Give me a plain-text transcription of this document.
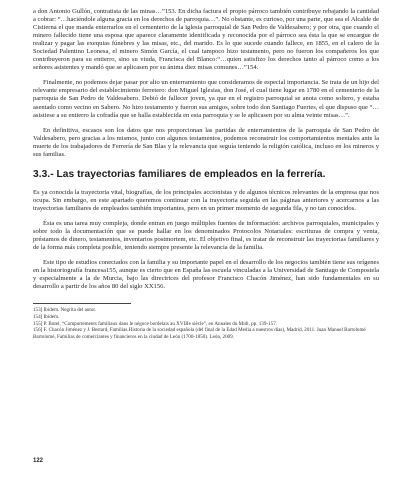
a don Antonio Gullón, contratista de las minas…”153. En dicha factura el propio párroco también contribuye rebajando la cantidad a cobrar: “…haciéndole alguna gracia en los derechos de parroquia…”. No obstante, es curioso, por una parte, que sea el Alcalde de Cistierna el que manda enterrarlos en el cementerio de la iglesia parroquial de San Pedro de Valdesabero; y por otra, que cuando el minero fallecido tiene una esposa que aparece claramente identificada y reconocida por el párroco sea ésta la que se encargue de realizar y pagar las exequias fúnebres y las misas, etc., del marido. Es lo que sucede cuando fallece, en 1855, en el calero de la Sociedad Palentino Leonesa, el minero Simón García, el cual tampoco hizo testamento, pero no fueron los compañeros los que contribuyeron para su entierro, sino su viuda, Francisca del Blanco:“…quien satisfizo los derechos tanto al párroco como a los señores asistentes y mandó que se aplicasen por su ánima diez misas comunes…”154.

Finalmente, no podemos dejar pasar por alto un enterramiento que consideramos de especial importancia. Se trata de un hijo del relevante empresario del establecimiento ferretero: don Miguel Iglesias, don José, el cual tiene lugar en 1780 en el cementerio de la parroquia de San Pedro de Valdesabero. Debió de fallecer joven, ya que en el registro parroquial se anota como soltero, y estaba asentado como vecino en Sabero. No hizo testamento y fueron sus amigos, sobre todo don Santiago Fuertes, el que dispuso que “…asistiese a su entierro la cofradía que se halla establecida en esta parroquia y se le aplicasen por su alma veinte misas…”.

En definitiva, escasos son los datos que nos proporcionan las partidas de enterramientos de la parroquia de San Pedro de Valdesabero, pero gracias a los mismos, junto con algunos testamentos, podemos reconstruir los comportamientos mentales ante la muerte de los trabajadores de Ferrería de San Blas y la relevancia que seguía teniendo la religión católica, incluso en los mineros y sus familias.

3.3.- Las trayectorias familiares de empleados en la ferrería.

Es ya conocida la trayectoria vital, biografías, de los principales accionistas y de algunos técnicos relevantes de la empresa que nos ocupa. Sin embargo, en este apartado queremos continuar con la trayectoria seguida en las páginas anteriores y acercarnos a las trayectorias familiares de empleados también importantes, pero en un primer momento de segunda fila, y no tan conocidos.

Ésta es una tarea muy compleja, donde entran en juego múltiples fuentes de información: archivos parroquiales, municipales y sobre todo la documentación que se puede hallar en los denominados Protocolos Notariales: escrituras de compra y venta, préstamos de dinero, testamentos, inventarios postmortem, etc. El objetivo final, es tratar de reconstruir las trayectorias familiares y de la forma más completa posible, teniendo siempre presente la relevancia de la familia.

Este tipo de estudios conectados con la familia y su importante papel en el desarrollo de los negocios también tiene sus orígenes en la historiografía francesa155, aunque es cierto que en España las escuela vinculadas a la Universidad de Santiago de Compostela y especialmente a la de Murcia, bajo las directrices del profesor Francisco Chacón Jiménez, han sido fundamentales en su desarrollo a partir de los años 80 del siglo XX156.

153] Ibídem. Negrita del autor.

154] Ibídem.

155] P. Butel, “Comportements familiaux dans le négoce bordelais au XVIIIe siècle”, en Annales du Midi, pp. 139-157.

156] F. Chacón Jiménez y J. Bestard, Familias.Historia de la sociedad española (del final de la Edad Media a nuestros días), Madrid, 2011. Juan Manuel Bartolomé Bartolomé, Familias de comerciantes y financieros en la ciudad de León (1700-1850). León, 2009.

122
